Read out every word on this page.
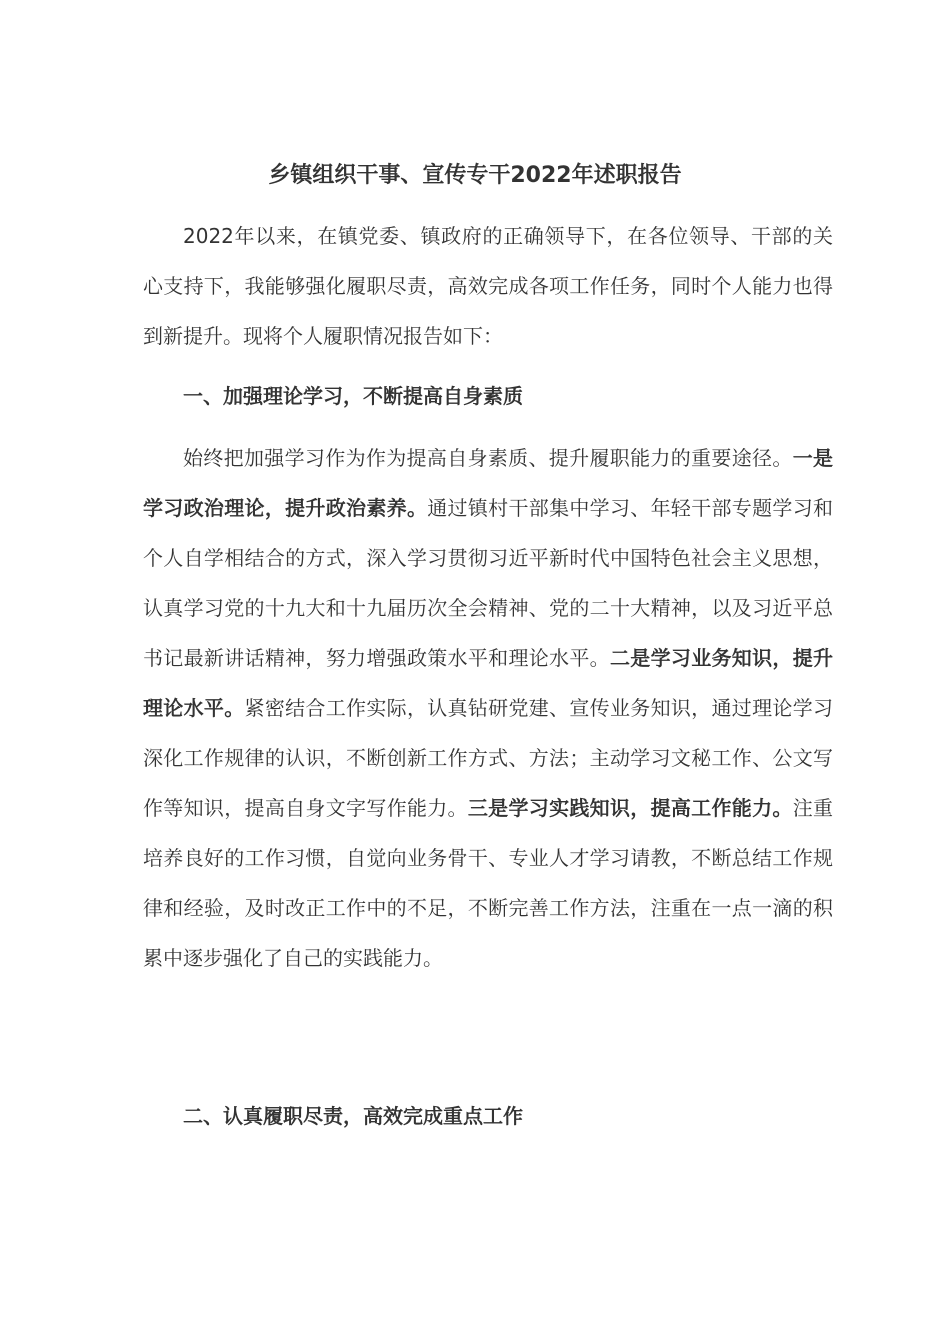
乡镇组织干事、宣传专干2022年述职报告

2022年以来，在镇党委、镇政府的正确领导下，在各位领导、干部的关心支持下，我能够强化履职尽责，高效完成各项工作任务，同时个人能力也得到新提升。现将个人履职情况报告如下：

一、加强理论学习，不断提高自身素质

始终把加强学习作为作为提高自身素质、提升履职能力的重要途径。一是学习政治理论，提升政治素养。通过镇村干部集中学习、年轻干部专题学习和个人自学相结合的方式，深入学习贯彻习近平新时代中国特色社会主义思想，认真学习党的十九大和十九届历次全会精神、党的二十大精神，以及习近平总书记最新讲话精神，努力增强政策水平和理论水平。二是学习业务知识，提升理论水平。紧密结合工作实际，认真钻研党建、宣传业务知识，通过理论学习深化工作规律的认识，不断创新工作方式、方法；主动学习文秘工作、公文写作等知识，提高自身文字写作能力。三是学习实践知识，提高工作能力。注重培养良好的工作习惯，自觉向业务骨干、专业人才学习请教，不断总结工作规律和经验，及时改正工作中的不足，不断完善工作方法，注重在一点一滴的积累中逐步强化了自己的实践能力。

二、认真履职尽责，高效完成重点工作
